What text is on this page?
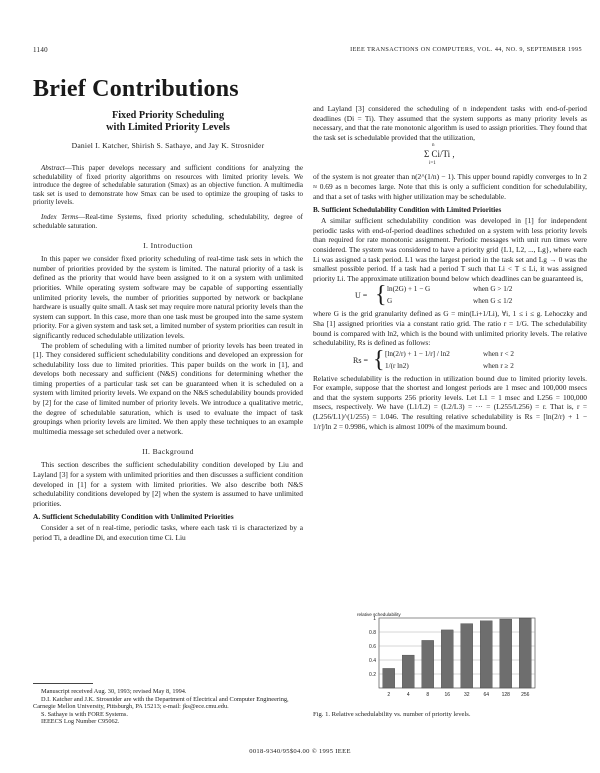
1140	IEEE TRANSACTIONS ON COMPUTERS, VOL. 44, NO. 9, SEPTEMBER 1995
Brief Contributions

Fixed Priority Scheduling

with Limited Priority Levels

Daniel I. Katcher, Shirish S. Sathaye, and Jay K. Strosnider

Abstract—This paper develops necessary and sufficient conditions for analyzing the schedulability of fixed priority algorithms on resources with limited priority levels. We introduce the degree of schedulable saturation (Smax) as an objective function. A multimedia task set is used to demonstrate how Smax can be used to optimize the grouping of tasks to priority levels.

Index Terms—Real-time Systems, fixed priority scheduling, schedulability, degree of schedulable saturation.

I. Introduction

In this paper we consider fixed priority scheduling of real-time task sets in which the number of priorities provided by the system is limited. The natural priority of a task is defined as the priority that would have been assigned to it on a system with unlimited priorities. While operating system software may be capable of supporting essentially unlimited priority levels, the number of priorities supported by network or backplane hardware is usually quite small. A task set may require more natural priority levels than the system can support. In this case, more than one task must be grouped into the same system priority. For a given system and task set, a limited number of system priorities can result in significantly reduced schedulable utilization levels.

The problem of scheduling with a limited number of priority levels has been treated in [1]. They considered sufficient schedulability conditions and developed an expression for schedulability loss due to limited priorities. This paper builds on the work in [1], and develops both necessary and sufficient (N&S) conditions for determining whether the timing properties of a particular task set can be guaranteed when it is scheduled on a system with limited priority levels. We expand on the N&S schedulability bounds provided by [2] for the case of limited number of priority levels. We introduce a qualitative metric, the degree of schedulable saturation, which is used to evaluate the impact of task groupings when priority levels are limited. We then apply these techniques to an example multimedia message set scheduled over a network.

II. Background

This section describes the sufficient schedulability condition developed by Liu and Layland [3] for a system with unlimited priorities and then discusses a sufficient condition developed in [1] for a system with limited priorities. We also describe both N&S schedulability conditions developed by [2] when the system is assumed to have unlimited priorities.

A. Sufficient Schedulability Condition with Unlimited Priorities

Consider a set of n real-time, periodic tasks, where each task τi is characterized by a period Ti, a deadline Di, and execution time Ci. Liu

Manuscript received Aug. 30, 1993; revised May 8, 1994.
D.I. Katcher and J.K. Strosnider are with the Department of Electrical and Computer Engineering, Carnegie Mellon University, Pittsburgh, PA 15213; e-mail: jks@ece.cmu.edu.
S. Sathaye is with FORE Systems.
IEEECS Log Number C95062.

and Layland [3] considered the scheduling of n independent tasks with end-of-period deadlines (Di = Ti). They assumed that the system supports as many priority levels as necessary, and that the rate monotonic algorithm is used to assign priorities. They found that the task set is schedulable provided that the utilization,

n
Σ Ci/Ti ,
i=1

of the system is not greater than n(2^(1/n) − 1). This upper bound rapidly converges to ln 2 ≈ 0.69 as n becomes large. Note that this is only a sufficient condition for schedulability, and that a set of tasks with higher utilization may be schedulable.

B. Sufficient Schedulability Condition with Limited Priorities

A similar sufficient schedulability condition was developed in [1] for independent periodic tasks with end-of-period deadlines scheduled on a system with less priority levels than required for rate monotonic assignment. Periodic messages with unit run times were considered. The system was considered to have a priority grid {L1, L2, ..., Lg}, where each Li was assigned a task period. L1 was the largest period in the task set and Lg → 0 was the smallest possible period. If a task had a period T such that Li < T ≤ Li, it was assigned priority Li. The approximate utilization bound below which deadlines can be guaranteed is,

U = { ln(2G) + 1 − G	when G > 1/2
G	when G ≤ 1/2

where G is the grid granularity defined as G = min(Li+1/Li), ∀i, 1 ≤ i ≤ g. Lehoczky and Sha [1] assigned priorities via a constant ratio grid. The ratio r = 1/G. The schedulability bound is compared with ln2, which is the bound with unlimited priority levels. The relative schedulability, Rs is defined as follows:

Rs = { [ln(2/r) + 1 − 1/r] / ln2	when r < 2
1/(r ln2)	when r ≥ 2

Relative schedulability is the reduction in utilization bound due to limited priority levels. For example, suppose that the shortest and longest periods are 1 msec and 100,000 msecs and that the system supports 256 priority levels. Let L1 = 1 msec and L256 = 100,000 msecs, respectively. We have (L1/L2) = (L2/L3) = ··· = (L255/L256) = r. That is, r = (L256/L1)^(1/255) = 1.046. The resulting relative schedulability is Rs = [ln(2/r) + 1 − 1/r]/ln 2 = 0.9986, which is almost 100% of the maximum bound.

0.2
0.4
0.6
0.8
1
relative schedulability
2	4	8	16	32	64	128 256
Fig. 1. Relative schedulability vs. number of priority levels.
0018-9340/95$04.00 © 1995 IEEE
